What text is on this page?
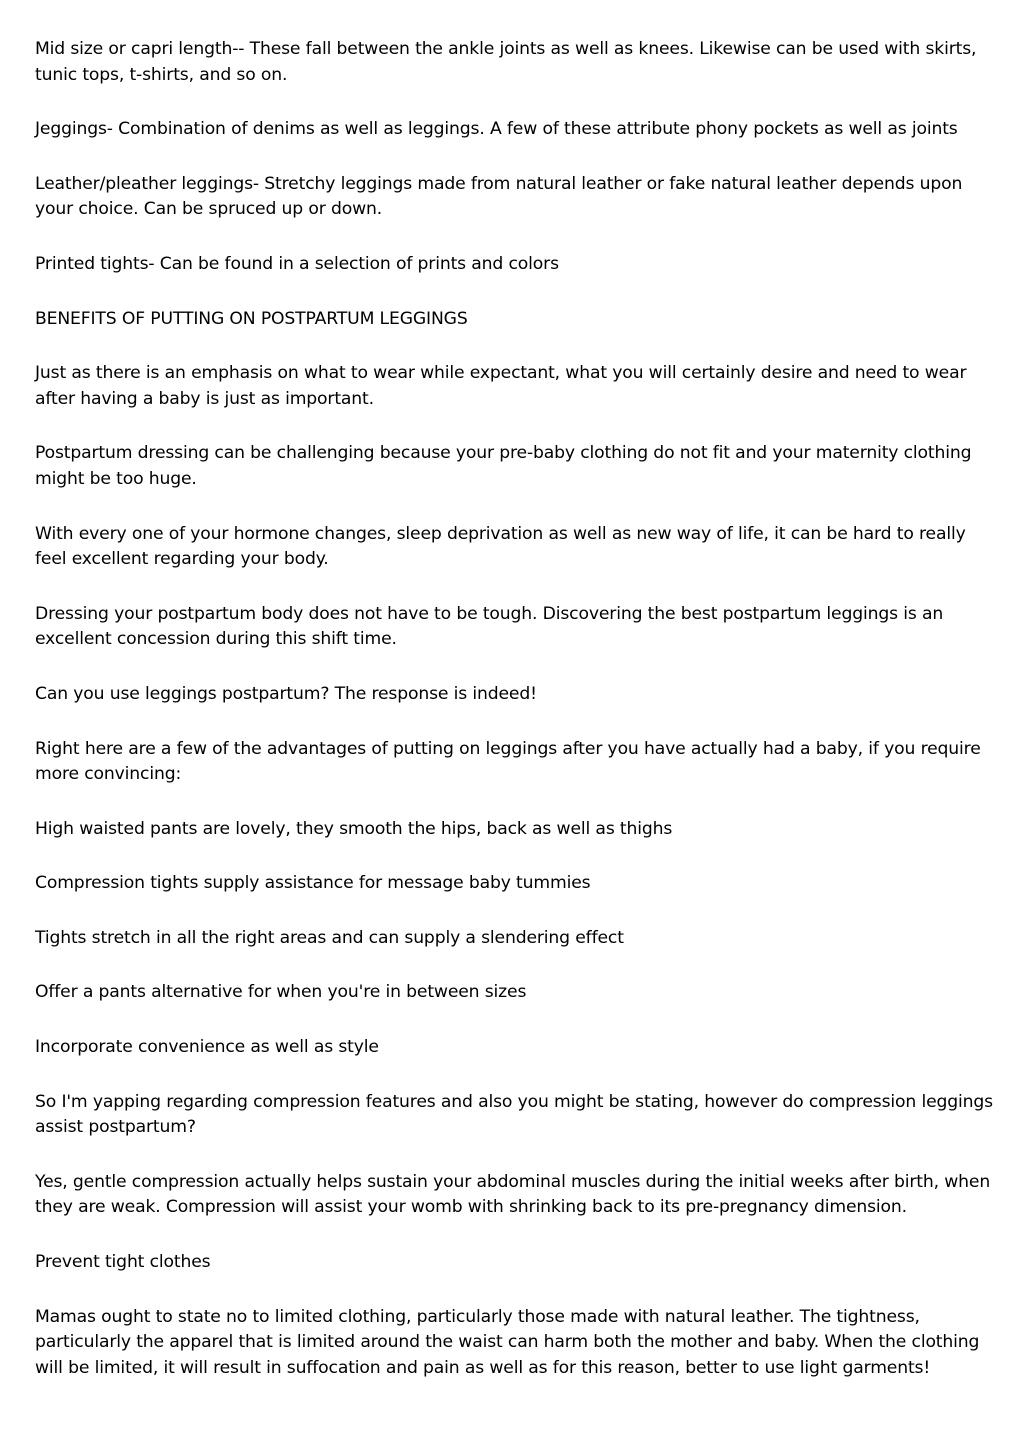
Mid size or capri length-- These fall between the ankle joints as well as knees. Likewise can be used with skirts, tunic tops, t-shirts, and so on.

Jeggings- Combination of denims as well as leggings. A few of these attribute phony pockets as well as joints

Leather/pleather leggings- Stretchy leggings made from natural leather or fake natural leather depends upon your choice. Can be spruced up or down.

Printed tights- Can be found in a selection of prints and colors

BENEFITS OF PUTTING ON POSTPARTUM LEGGINGS

Just as there is an emphasis on what to wear while expectant, what you will certainly desire and need to wear after having a baby is just as important.

Postpartum dressing can be challenging because your pre-baby clothing do not fit and your maternity clothing might be too huge.

With every one of your hormone changes, sleep deprivation as well as new way of life, it can be hard to really feel excellent regarding your body.

Dressing your postpartum body does not have to be tough. Discovering the best postpartum leggings is an excellent concession during this shift time.

Can you use leggings postpartum? The response is indeed!

Right here are a few of the advantages of putting on leggings after you have actually had a baby, if you require more convincing:

High waisted pants are lovely, they smooth the hips, back as well as thighs

Compression tights supply assistance for message baby tummies

Tights stretch in all the right areas and can supply a slendering effect

Offer a pants alternative for when you're in between sizes

Incorporate convenience as well as style

So I'm yapping regarding compression features and also you might be stating, however do compression leggings assist postpartum?

Yes, gentle compression actually helps sustain your abdominal muscles during the initial weeks after birth, when they are weak. Compression will assist your womb with shrinking back to its pre-pregnancy dimension.

Prevent tight clothes

Mamas ought to state no to limited clothing, particularly those made with natural leather. The tightness, particularly the apparel that is limited around the waist can harm both the mother and baby. When the clothing will be limited, it will result in suffocation and pain as well as for this reason, better to use light garments!
